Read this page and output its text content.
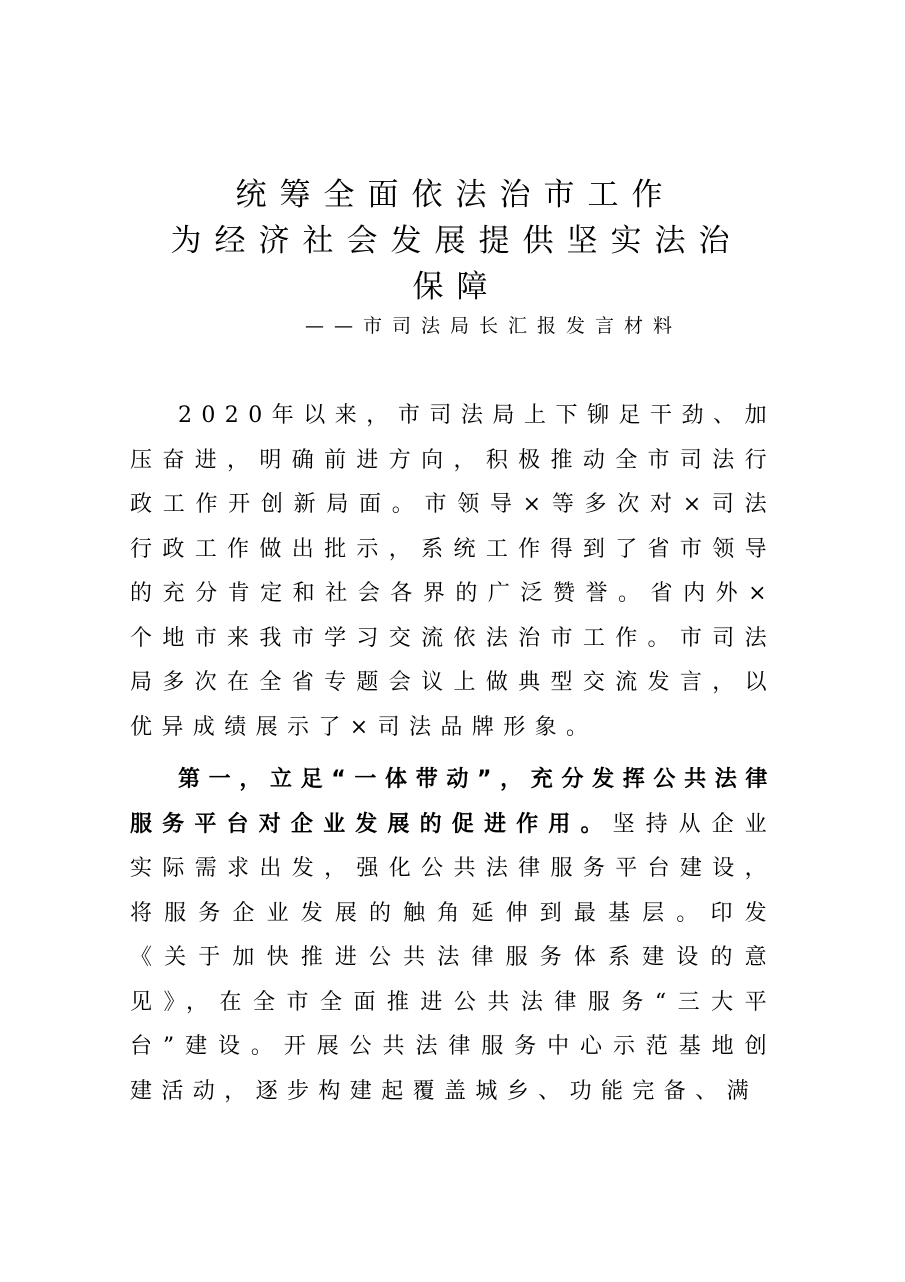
统筹全面依法治市工作
为经济社会发展提供坚实法治
保障
——市司法局长汇报发言材料

2020年以来，市司法局上下铆足干劲、加压奋进，明确前进方向，积极推动全市司法行政工作开创新局面。市领导×等多次对×司法行政工作做出批示，系统工作得到了省市领导的充分肯定和社会各界的广泛赞誉。省内外×个地市来我市学习交流依法治市工作。市司法局多次在全省专题会议上做典型交流发言，以优异成绩展示了×司法品牌形象。

第一，立足“一体带动”，充分发挥公共法律服务平台对企业发展的促进作用。坚持从企业实际需求出发，强化公共法律服务平台建设，将服务企业发展的触角延伸到最基层。印发《关于加快推进公共法律服务体系建设的意见》，在全市全面推进公共法律服务“三大平台”建设。开展公共法律服务中心示范基地创建活动，逐步构建起覆盖城乡、功能完备、满
